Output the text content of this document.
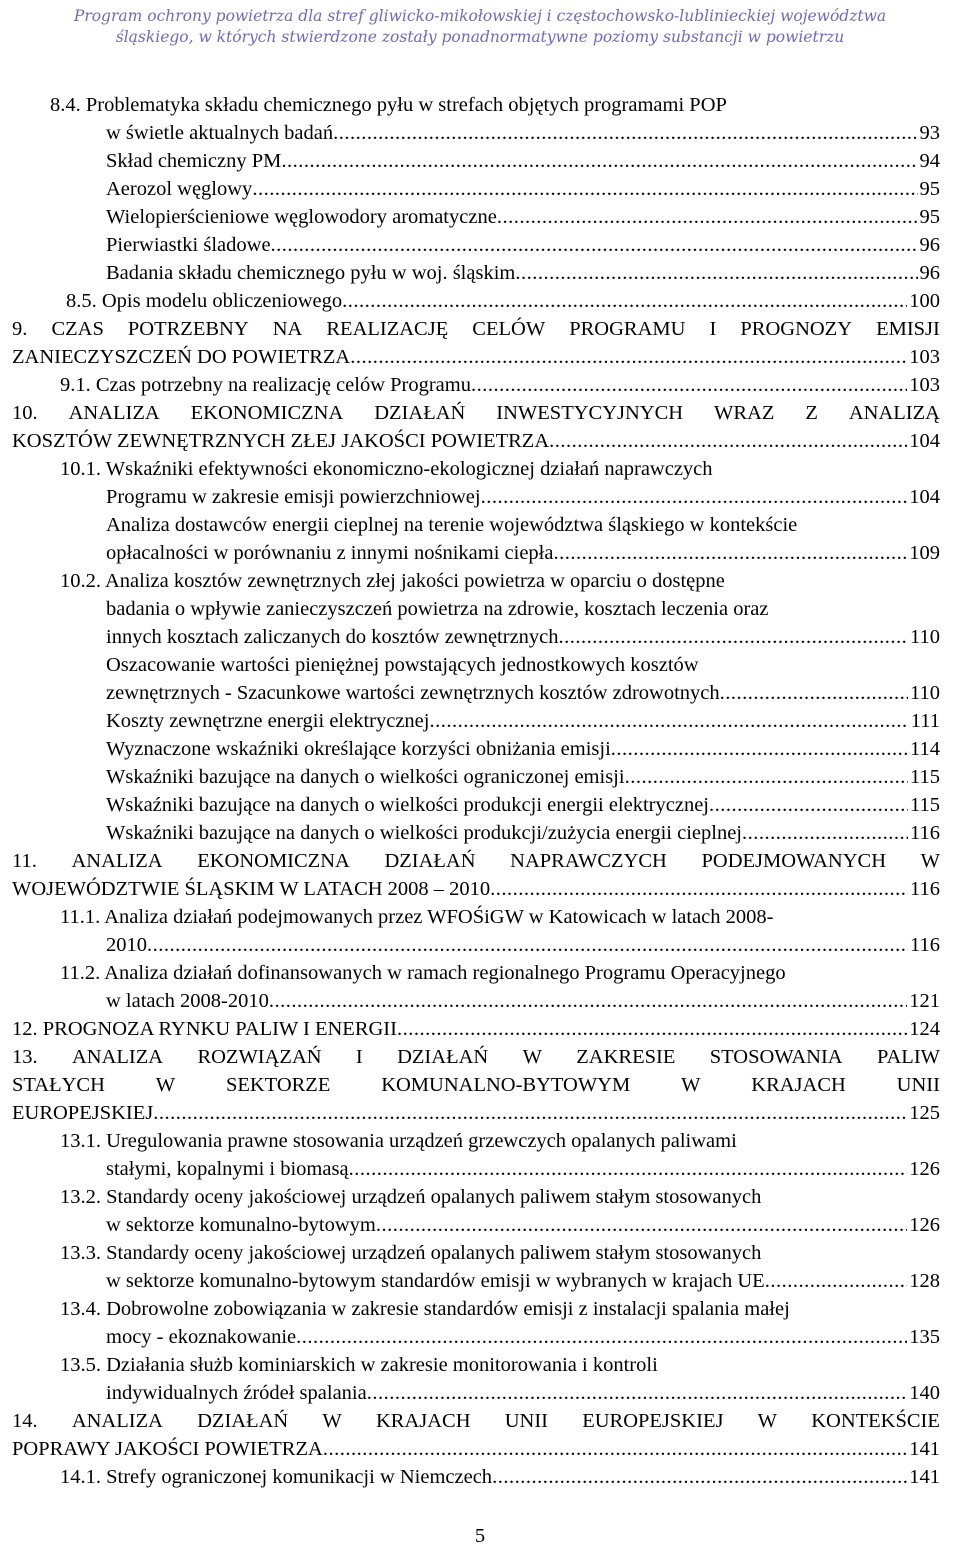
Program ochrony powietrza dla stref gliwicko-mikołowskiej i częstochowsko-lublinieckiej województwa
śląskiego, w których stwierdzone zostały ponadnormatywne poziomy substancji w powietrzu
8.4. Problematyka składu chemicznego pyłu w strefach objętych programami POP
w świetle aktualnych badań .....	93
Skład chemiczny PM .....	94
Aerozol węglowy .....	95
Wielopierścieniowe węglowodory aromatyczne .....	95
Pierwiastki śladowe .....	96
Badania składu chemicznego pyłu w woj. śląskim .....	96
8.5. Opis modelu obliczeniowego .....	100
9. CZAS POTRZEBNY NA REALIZACJĘ CELÓW PROGRAMU I PROGNOZY EMISJI
ZANIECZYSZCZEŃ DO POWIETRZA .....	103
9.1. Czas potrzebny na realizację celów Programu .....	103
10. ANALIZA EKONOMICZNA DZIAŁAŃ INWESTYCYJNYCH WRAZ Z ANALIZĄ
KOSZTÓW ZEWNĘTRZNYCH ZŁEJ JAKOŚCI POWIETRZA .....	104
10.1. Wskaźniki efektywności ekonomiczno-ekologicznej działań naprawczych
Programu w zakresie emisji powierzchniowej .....	104
Analiza dostawców energii cieplnej na terenie województwa śląskiego w kontekście
opłacalności w porównaniu z innymi nośnikami ciepła .....	109
10.2. Analiza kosztów zewnętrznych złej jakości powietrza w oparciu o dostępne
badania o wpływie zanieczyszczeń powietrza na zdrowie, kosztach leczenia oraz
innych kosztach zaliczanych do kosztów zewnętrznych .....	110
Oszacowanie wartości pieniężnej powstających jednostkowych kosztów
zewnętrznych - Szacunkowe wartości zewnętrznych kosztów zdrowotnych .....	110
Koszty zewnętrzne energii elektrycznej .....	111
Wyznaczone wskaźniki określające korzyści obniżania emisji .....	114
Wskaźniki bazujące na danych o wielkości ograniczonej emisji .....	115
Wskaźniki bazujące na danych o wielkości produkcji energii elektrycznej .....	115
Wskaźniki bazujące na danych o wielkości produkcji/zużycia energii cieplnej .....	116
11. ANALIZA EKONOMICZNA DZIAŁAŃ NAPRAWCZYCH PODEJMOWANYCH W
WOJEWÓDZTWIE ŚLĄSKIM W LATACH 2008 – 2010 .....	116
11.1. Analiza działań podejmowanych przez WFOŚiGW w Katowicach w latach 2008-
2010 .....	116
11.2. Analiza działań dofinansowanych w ramach regionalnego Programu Operacyjnego
w latach 2008-2010 .....	121
12. PROGNOZA RYNKU PALIW I ENERGII .....	124
13. ANALIZA ROZWIĄZAŃ I DZIAŁAŃ W ZAKRESIE STOSOWANIA PALIW
STAŁYCH W SEKTORZE KOMUNALNO-BYTOWYM W KRAJACH UNII
EUROPEJSKIEJ .....	125
13.1. Uregulowania prawne stosowania urządzeń grzewczych opalanych paliwami
stałymi, kopalnymi i biomasą .....	126
13.2. Standardy oceny jakościowej urządzeń opalanych paliwem stałym stosowanych
w sektorze komunalno-bytowym .....	126
13.3. Standardy oceny jakościowej urządzeń opalanych paliwem stałym stosowanych
w sektorze komunalno-bytowym standardów emisji w wybranych w krajach UE .....	128
13.4. Dobrowolne zobowiązania w zakresie standardów emisji z instalacji spalania małej
mocy - ekoznakowanie .....	135
13.5. Działania służb kominiarskich w zakresie monitorowania i kontroli
indywidualnych źródeł spalania .....	140
14. ANALIZA DZIAŁAŃ W KRAJACH UNII EUROPEJSKIEJ W KONTEKŚCIE
POPRAWY JAKOŚCI POWIETRZA .....	141
14.1. Strefy ograniczonej komunikacji w Niemczech .....	141
5
